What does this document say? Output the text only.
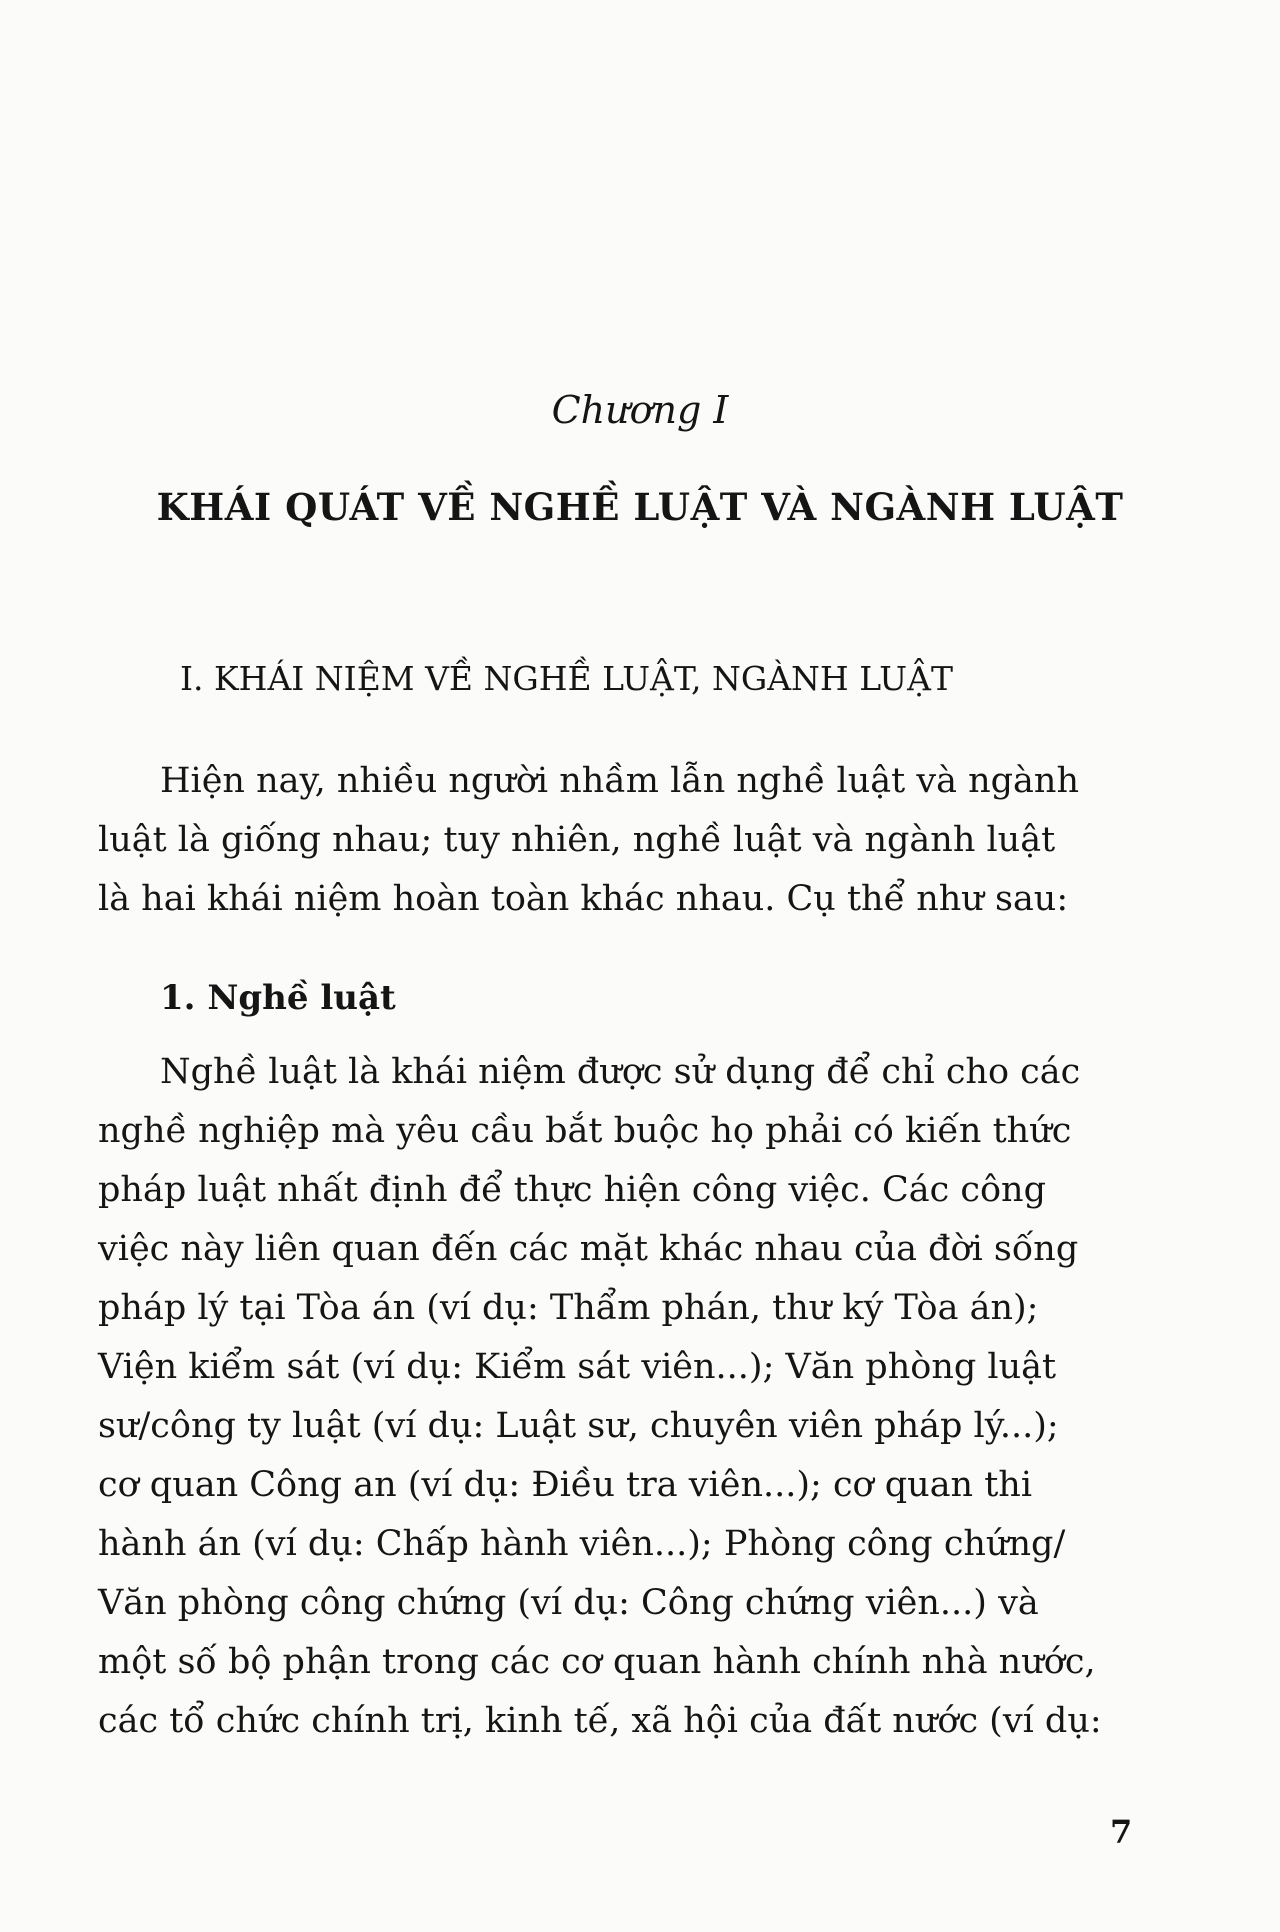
Chương I
KHÁI QUÁT VỀ NGHỀ LUẬT VÀ NGÀNH LUẬT
I. KHÁI NIỆM VỀ NGHỀ LUẬT, NGÀNH LUẬT
Hiện nay, nhiều người nhầm lẫn nghề luật và ngành
luật là giống nhau; tuy nhiên, nghề luật và ngành luật
là hai khái niệm hoàn toàn khác nhau. Cụ thể như sau:
1. Nghề luật
Nghề luật là khái niệm được sử dụng để chỉ cho các
nghề nghiệp mà yêu cầu bắt buộc họ phải có kiến thức
pháp luật nhất định để thực hiện công việc. Các công
việc này liên quan đến các mặt khác nhau của đời sống
pháp lý tại Tòa án (ví dụ: Thẩm phán, thư ký Tòa án);
Viện kiểm sát (ví dụ: Kiểm sát viên...); Văn phòng luật
sư/công ty luật (ví dụ: Luật sư, chuyên viên pháp lý...);
cơ quan Công an (ví dụ: Điều tra viên...); cơ quan thi
hành án (ví dụ: Chấp hành viên...); Phòng công chứng/
Văn phòng công chứng (ví dụ: Công chứng viên...) và
một số bộ phận trong các cơ quan hành chính nhà nước,
các tổ chức chính trị, kinh tế, xã hội của đất nước (ví dụ:
7
